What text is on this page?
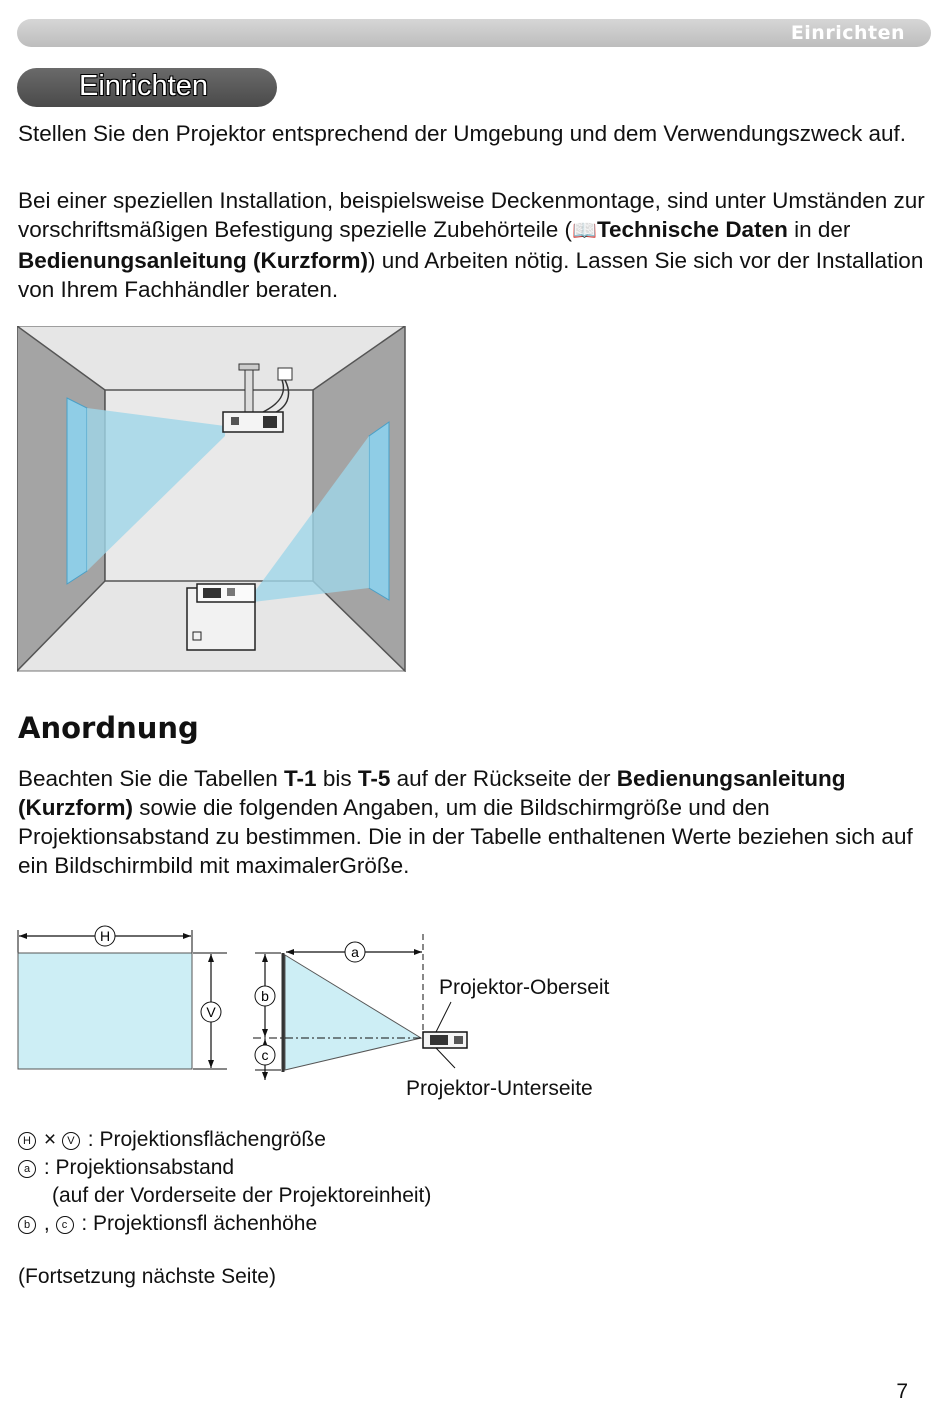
Einrichten
Einrichten

Stellen Sie den Projektor entsprechend der Umgebung und dem Verwendungszweck auf.

Bei einer speziellen Installation, beispielsweise Deckenmontage, sind unter Umständen zur vorschriftsmäßigen Befestigung spezielle Zubehörteile (📖Technische Daten in der Bedienungsanleitung (Kurzform)) und Arbeiten nötig. Lassen Sie sich vor der Installation von Ihrem Fachhändler beraten.

Anordnung

Beachten Sie die Tabellen T-1 bis T-5 auf der Rückseite der Bedienungsanleitung (Kurzform) sowie die folgenden Angaben, um die Bildschirmgröße und den Projektionsabstand zu bestimmen. Die in der Tabelle enthaltenen Werte beziehen sich auf ein Bildschirmbild mit maximalerGröße.

H
V
b
c
a
Projektor-Oberseit
Projektor-Unterseite
H × V : Projektionsflächengröße
a : Projektionsabstand
(auf der Vorderseite der Projektoreinheit)
b , c : Projektionsfl ächenhöhe
(Fortsetzung nächste Seite)
7
